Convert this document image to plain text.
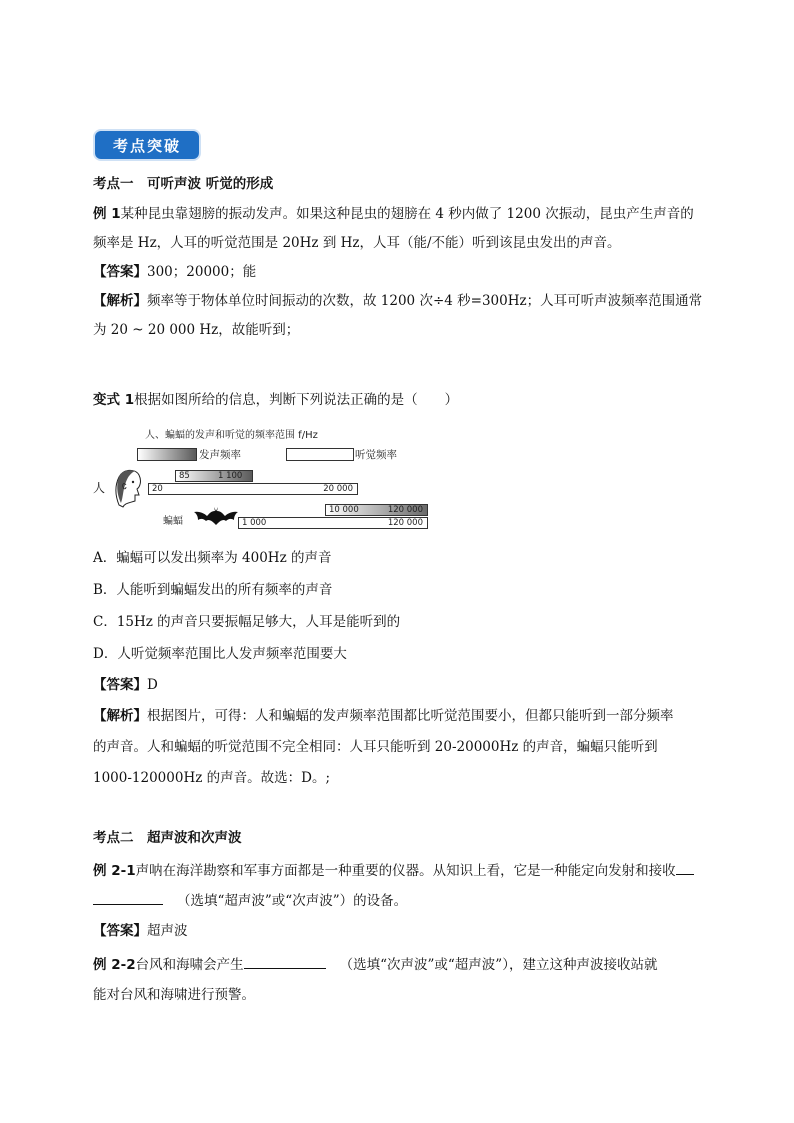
考点突破
考点一　可听声波 听觉的形成
例 1某种昆虫靠翅膀的振动发声。如果这种昆虫的翅膀在 4 秒内做了 1200 次振动，昆虫产生声音的
频率是 Hz，人耳的听觉范围是 20Hz 到 Hz，人耳（能/不能）听到该昆虫发出的声音。
【答案】300；20000；能
【解析】频率等于物体单位时间振动的次数，故 1200 次÷4 秒=300Hz；人耳可听声波频率范围通常
为 20 ~ 20 000 Hz，故能听到；
变式 1根据如图所给的信息，判断下列说法正确的是（　　）
人、蝙蝠的发声和听觉的频率范围 f/Hz
发声频率	听觉频率
人
85	1 100
20	20 000
蝙蝠
10 000	120 000
1 000	120 000
A．蝙蝠可以发出频率为 400Hz 的声音
B．人能听到蝙蝠发出的所有频率的声音
C．15Hz 的声音只要振幅足够大，人耳是能听到的
D．人听觉频率范围比人发声频率范围要大
【答案】D
【解析】根据图片，可得：人和蝙蝠的发声频率范围都比听觉范围要小，但都只能听到一部分频率
的声音。人和蝙蝠的听觉范围不完全相同：人耳只能听到 20-20000Hz 的声音，蝙蝠只能听到
1000-120000Hz 的声音。故选：D。;
考点二　超声波和次声波
例 2-1声呐在海洋勘察和军事方面都是一种重要的仪器。从知识上看，它是一种能定向发射和接收
（选填“超声波”或“次声波”）的设备。
【答案】超声波
例 2-2台风和海啸会产生	（选填“次声波”或“超声波”），建立这种声波接收站就
能对台风和海啸进行预警。
